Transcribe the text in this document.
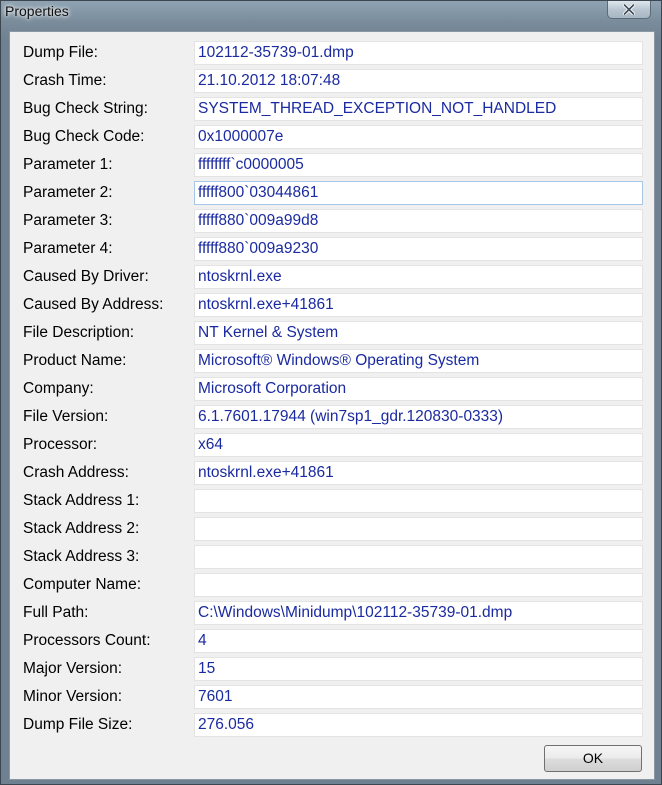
Properties
Dump File:	102112-35739-01.dmp
Crash Time:	21.10.2012 18:07:48
Bug Check String:	SYSTEM_THREAD_EXCEPTION_NOT_HANDLED
Bug Check Code:	0x1000007e
Parameter 1:	ffffffff`c0000005
Parameter 2:	fffff800`03044861
Parameter 3:	fffff880`009a99d8
Parameter 4:	fffff880`009a9230
Caused By Driver:	ntoskrnl.exe
Caused By Address: ntoskrnl.exe+41861
File Description:	NT Kernel & System
Product Name:	Microsoft® Windows® Operating System
Company:	Microsoft Corporation
File Version:	6.1.7601.17944 (win7sp1_gdr.120830-0333)
Processor:	x64
Crash Address:	ntoskrnl.exe+41861
Stack Address 1:
Stack Address 2:
Stack Address 3:
Computer Name:
Full Path:	C:\Windows\Minidump\102112-35739-01.dmp
Processors Count:	4
Major Version:	15
Minor Version:	7601
Dump File Size:	276.056
OK
